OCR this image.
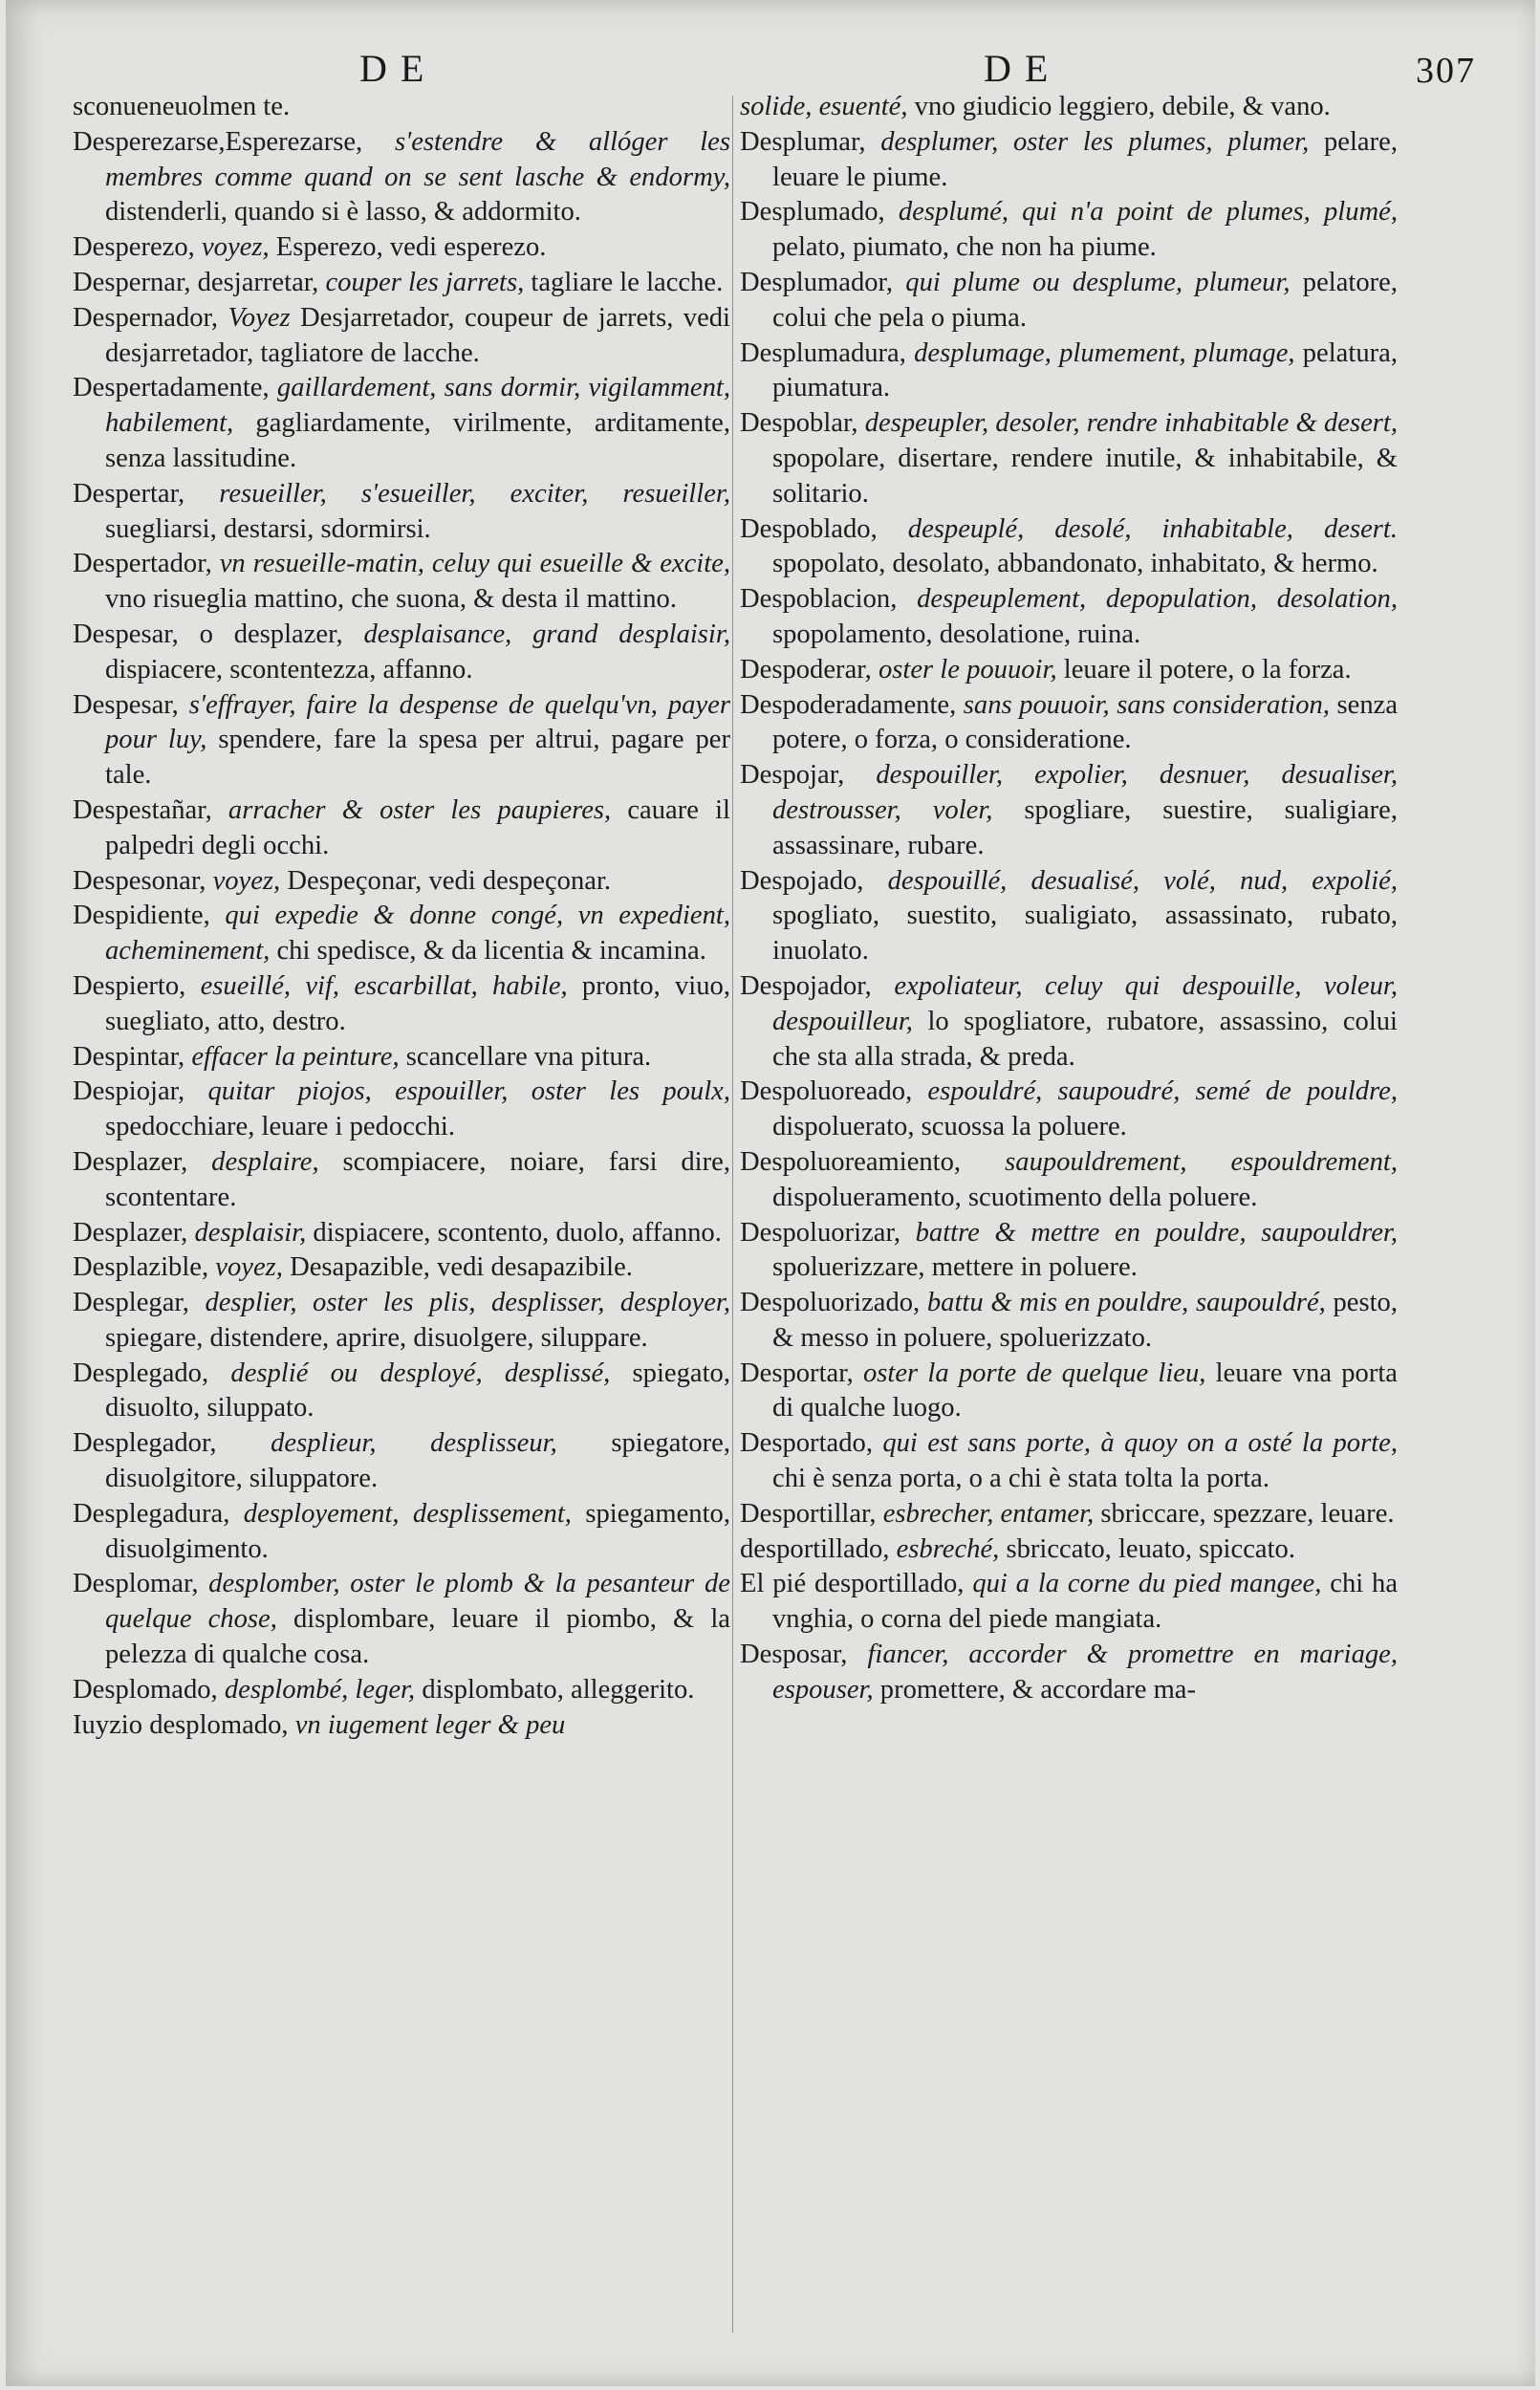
DE	DE	307

sconueneuolmen te.

Desperezarse,Esperezarse, s'estendre & allóger les membres comme quand on se sent lasche & endormy, distenderli, quando si è lasso, & addormito.

Desperezo, voyez, Esperezo, vedi esperezo.

Despernar, desjarretar, couper les jarrets, tagliare le lacche.

Despernador, Voyez Desjarretador, coupeur de jarrets, vedi desjarretador, tagliatore de lacche.

Despertadamente, gaillardement, sans dormir, vigilamment, habilement, gagliardamente, virilmente, arditamente, senza lassitudine.

Despertar, resueiller, s'esueiller, exciter, resueiller, suegliarsi, destarsi, sdormirsi.

Despertador, vn resueille-matin, celuy qui esueille & excite, vno risueglia mattino, che suona, & desta il mattino.

Despesar, o desplazer, desplaisance, grand desplaisir, dispiacere, scontentezza, affanno.

Despesar, s'effrayer, faire la despense de quelqu'vn, payer pour luy, spendere, fare la spesa per altrui, pagare per tale.

Despestañar, arracher & oster les paupieres, cauare il palpedri degli occhi.

Despesonar, voyez, Despeçonar, vedi despeçonar.

Despidiente, qui expedie & donne congé, vn expedient, acheminement, chi spedisce, & da licentia & incamina.

Despierto, esueillé, vif, escarbillat, habile, pronto, viuo, suegliato, atto, destro.

Despintar, effacer la peinture, scancellare vna pitura.

Despiojar, quitar piojos, espouiller, oster les poulx, spedocchiare, leuare i pedocchi.

Desplazer, desplaire, scompiacere, noiare, farsi dire, scontentare.

Desplazer, desplaisir, dispiacere, scontento, duolo, affanno.

Desplazible, voyez, Desapazible, vedi desapazibile.

Desplegar, desplier, oster les plis, desplisser, desployer, spiegare, distendere, aprire, disuolgere, siluppare.

Desplegado, desplié ou desployé, desplissé, spiegato, disuolto, siluppato.

Desplegador, desplieur, desplisseur, spiegatore, disuolgitore, siluppatore.

Desplegadura, desployement, desplissement, spiegamento, disuolgimento.

Desplomar, desplomber, oster le plomb & la pesanteur de quelque chose, displombare, leuare il piombo, & la pelezza di qualche cosa.

Desplomado, desplombé, leger, displombato, alleggerito.

Iuyzio desplomado, vn iugement leger & peu

solide, esuenté, vno giudicio leggiero, debile, & vano.

Desplumar, desplumer, oster les plumes, plumer, pelare, leuare le piume.

Desplumado, desplumé, qui n'a point de plumes, plumé, pelato, piumato, che non ha piume.

Desplumador, qui plume ou desplume, plumeur, pelatore, colui che pela o piuma.

Desplumadura, desplumage, plumement, plumage, pelatura, piumatura.

Despoblar, despeupler, desoler, rendre inhabitable & desert, spopolare, disertare, rendere inutile, & inhabitabile, & solitario.

Despoblado, despeuplé, desolé, inhabitable, desert. spopolato, desolato, abbandonato, inhabitato, & hermo.

Despoblacion, despeuplement, depopulation, desolation, spopolamento, desolatione, ruina.

Despoderar, oster le pouuoir, leuare il potere, o la forza.

Despoderadamente, sans pouuoir, sans consideration, senza potere, o forza, o consideratione.

Despojar, despouiller, expolier, desnuer, desualiser, destrousser, voler, spogliare, suestire, sualigiare, assassinare, rubare.

Despojado, despouillé, desualisé, volé, nud, expolié, spogliato, suestito, sualigiato, assassinato, rubato, inuolato.

Despojador, expoliateur, celuy qui despouille, voleur, despouilleur, lo spogliatore, rubatore, assassino, colui che sta alla strada, & preda.

Despoluoreado, espouldré, saupoudré, semé de pouldre, dispoluerato, scuossa la poluere.

Despoluoreamiento, saupouldrement, espouldrement, dispolueramento, scuotimento della poluere.

Despoluorizar, battre & mettre en pouldre, saupouldrer, spoluerizzare, mettere in poluere.

Despoluorizado, battu & mis en pouldre, saupouldré, pesto, & messo in poluere, spoluerizzato.

Desportar, oster la porte de quelque lieu, leuare vna porta di qualche luogo.

Desportado, qui est sans porte, à quoy on a osté la porte, chi è senza porta, o a chi è stata tolta la porta.

Desportillar, esbrecher, entamer, sbriccare, spezzare, leuare.

desportillado, esbreché, sbriccato, leuato, spiccato.

El pié desportillado, qui a la corne du pied mangee, chi ha vnghia, o corna del piede mangiata.

Desposar, fiancer, accorder & promettre en mariage, espouser, promettere, & accordare ma-
